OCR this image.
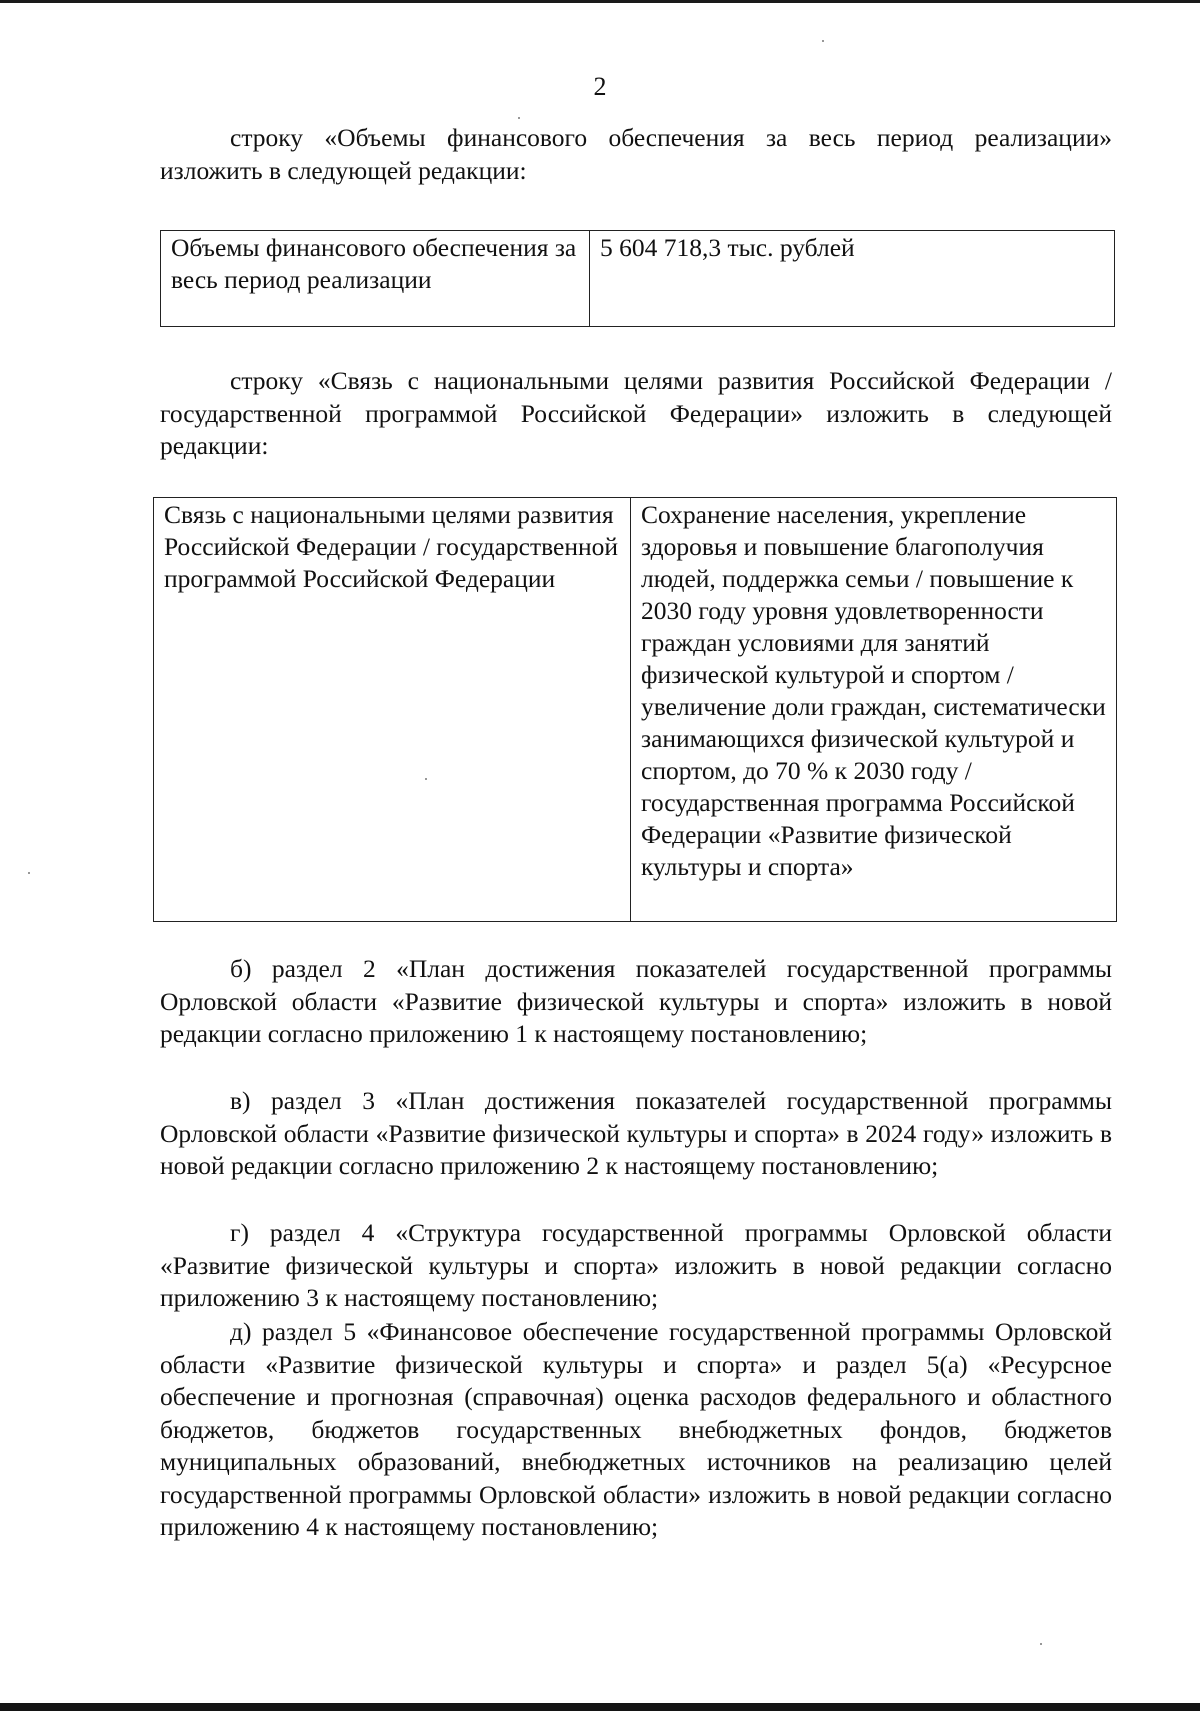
2

строку «Объемы финансового обеспечения за весь период реализации» изложить в следующей редакции:

Объемы финансового обеспечения за весь период реализации	5 604 718,3 тыс. рублей

строку «Связь с национальными целями развития Российской Федерации / государственной программой Российской Федерации» изложить в следующей редакции:

Связь с национальными целями развития Российской Федерации / государственной программой Российской Федерации	Сохранение населения, укрепление здоровья и повышение благополучия людей, поддержка семьи / повышение к 2030 году уровня удовлетворенности граждан условиями для занятий физической культурой и спортом / увеличение доли граждан, систематически занимающихся физической культурой и спортом, до 70 % к 2030 году / государственная программа Российской Федерации «Развитие физической культуры и спорта»

б) раздел 2 «План достижения показателей государственной программы Орловской области «Развитие физической культуры и спорта» изложить в новой редакции согласно приложению 1 к настоящему постановлению;

в) раздел 3 «План достижения показателей государственной программы Орловской области «Развитие физической культуры и спорта» в 2024 году» изложить в новой редакции согласно приложению 2 к настоящему постановлению;

г) раздел 4 «Структура государственной программы Орловской области «Развитие физической культуры и спорта» изложить в новой редакции согласно приложению 3 к настоящему постановлению;

д) раздел 5 «Финансовое обеспечение государственной программы Орловской области «Развитие физической культуры и спорта» и раздел 5(а) «Ресурсное обеспечение и прогнозная (справочная) оценка расходов федерального и областного бюджетов, бюджетов государственных внебюджетных фондов, бюджетов муниципальных образований, внебюджетных источников на реализацию целей государственной программы Орловской области» изложить в новой редакции согласно приложению 4 к настоящему постановлению;
